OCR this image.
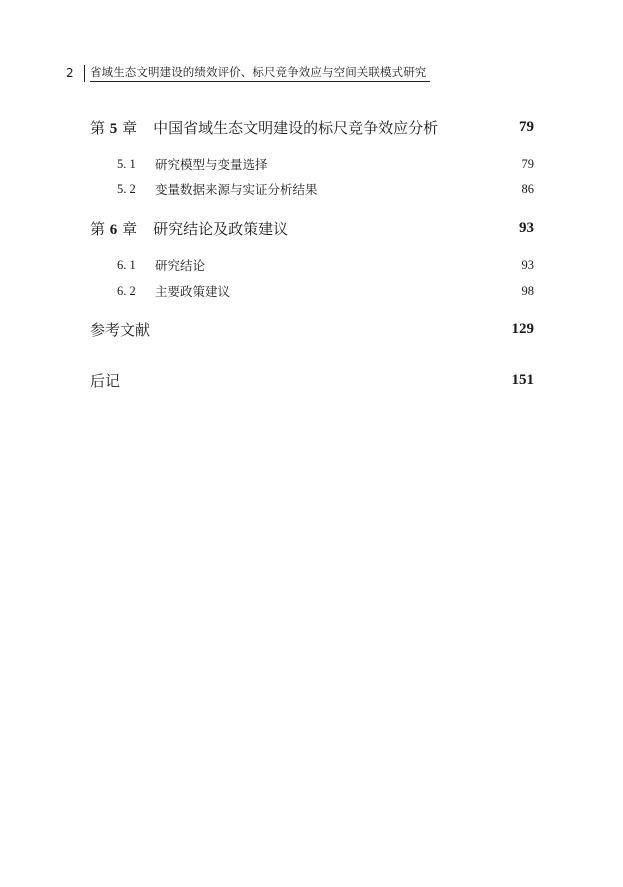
2	省域生态文明建设的绩效评价、标尺竞争效应与空间关联模式研究
第 5 章 中国省域生态文明建设的标尺竞争效应分析	79
5. 1	研究模型与变量选择	79
5. 2	变量数据来源与实证分析结果	86
第 6 章 研究结论及政策建议	93
6. 1	研究结论	93
6. 2	主要政策建议	98
参考文献	129
后记	151
